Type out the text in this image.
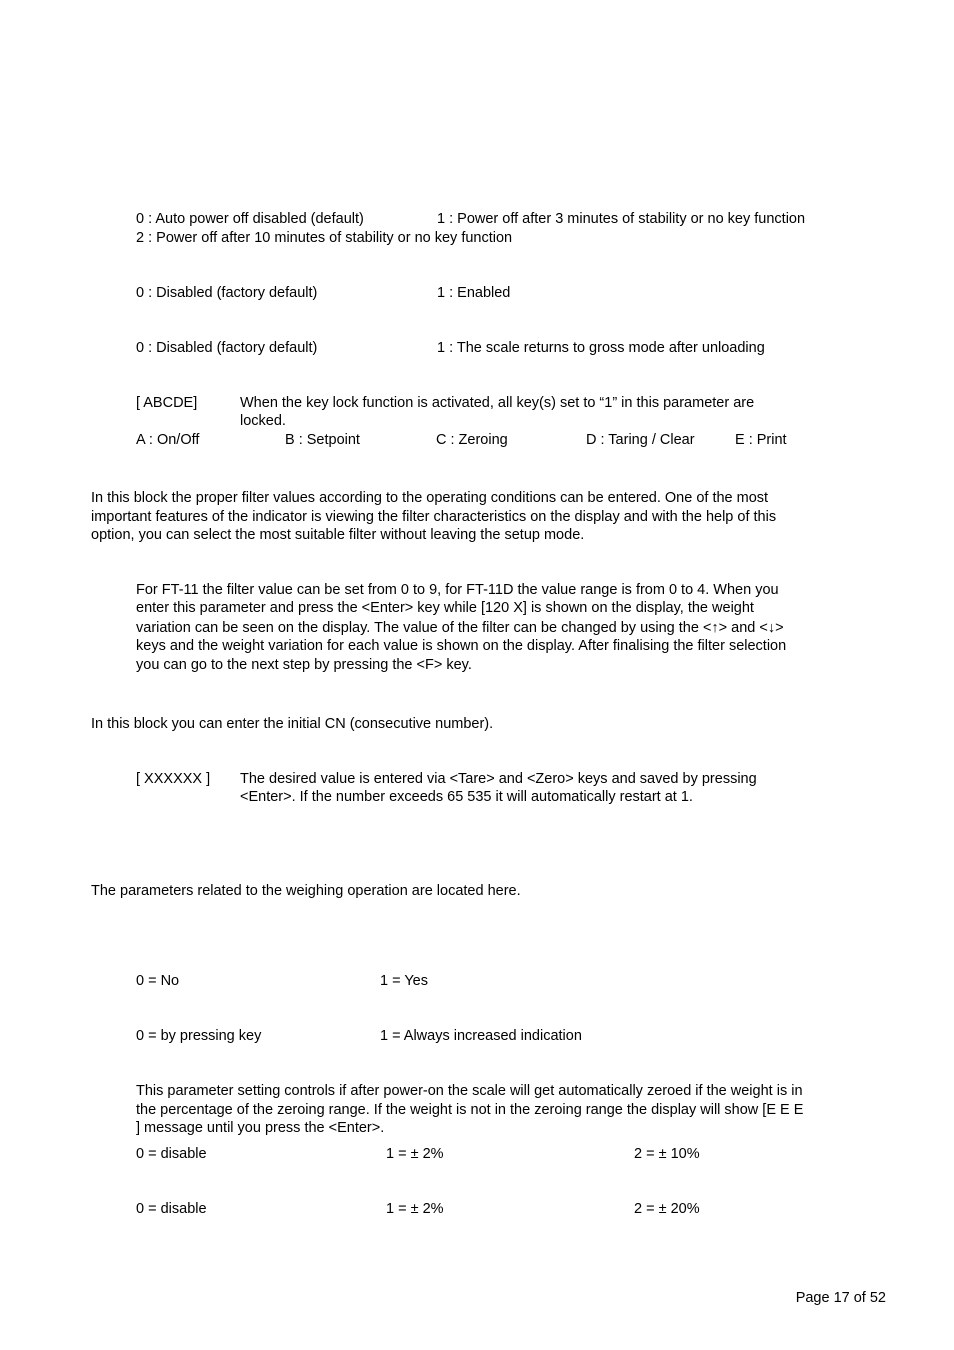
0 : Auto power off disabled (default)	1 : Power off after 3 minutes of stability or no key function
2 : Power off after 10 minutes of stability or no key function
0 : Disabled (factory default)	1 : Enabled
0 : Disabled (factory default)	1 : The scale returns to gross mode after unloading
[ ABCDE]	When the key lock function is activated, all key(s) set to “1” in this parameter are
locked.
A : On/Off	B : Setpoint	C : Zeroing	D : Taring / Clear	E : Print
In this block the proper filter values according to the operating conditions can be entered. One of the most
important features of the indicator is viewing the filter characteristics on the display and with the help of this
option, you can select the most suitable filter without leaving the setup mode.
For FT-11 the filter value can be set from 0 to 9, for FT-11D the value range is from 0 to 4. When you
enter this parameter and press the <Enter> key while [120 X] is shown on the display, the weight
variation can be seen on the display. The value of the filter can be changed by using the <↑> and <↓>
keys and the weight variation for each value is shown on the display. After finalising the filter selection
you can go to the next step by pressing the <F> key.
In this block you can enter the initial CN (consecutive number).
[ XXXXXX ] The desired value is entered via <Tare> and <Zero> keys and saved by pressing
<Enter>. If the number exceeds 65 535 it will automatically restart at 1.
The parameters related to the weighing operation are located here.
0 = No	1 = Yes
0 = by pressing key	1 = Always increased indication
This parameter setting controls if after power-on the scale will get automatically zeroed if the weight is in
the percentage of the zeroing range. If the weight is not in the zeroing range the display will show [E E E
] message until you press the <Enter>.
0 = disable	1 = ± 2%	2 = ± 10%
0 = disable	1 = ± 2%	2 = ± 20%
Page 17 of 52
